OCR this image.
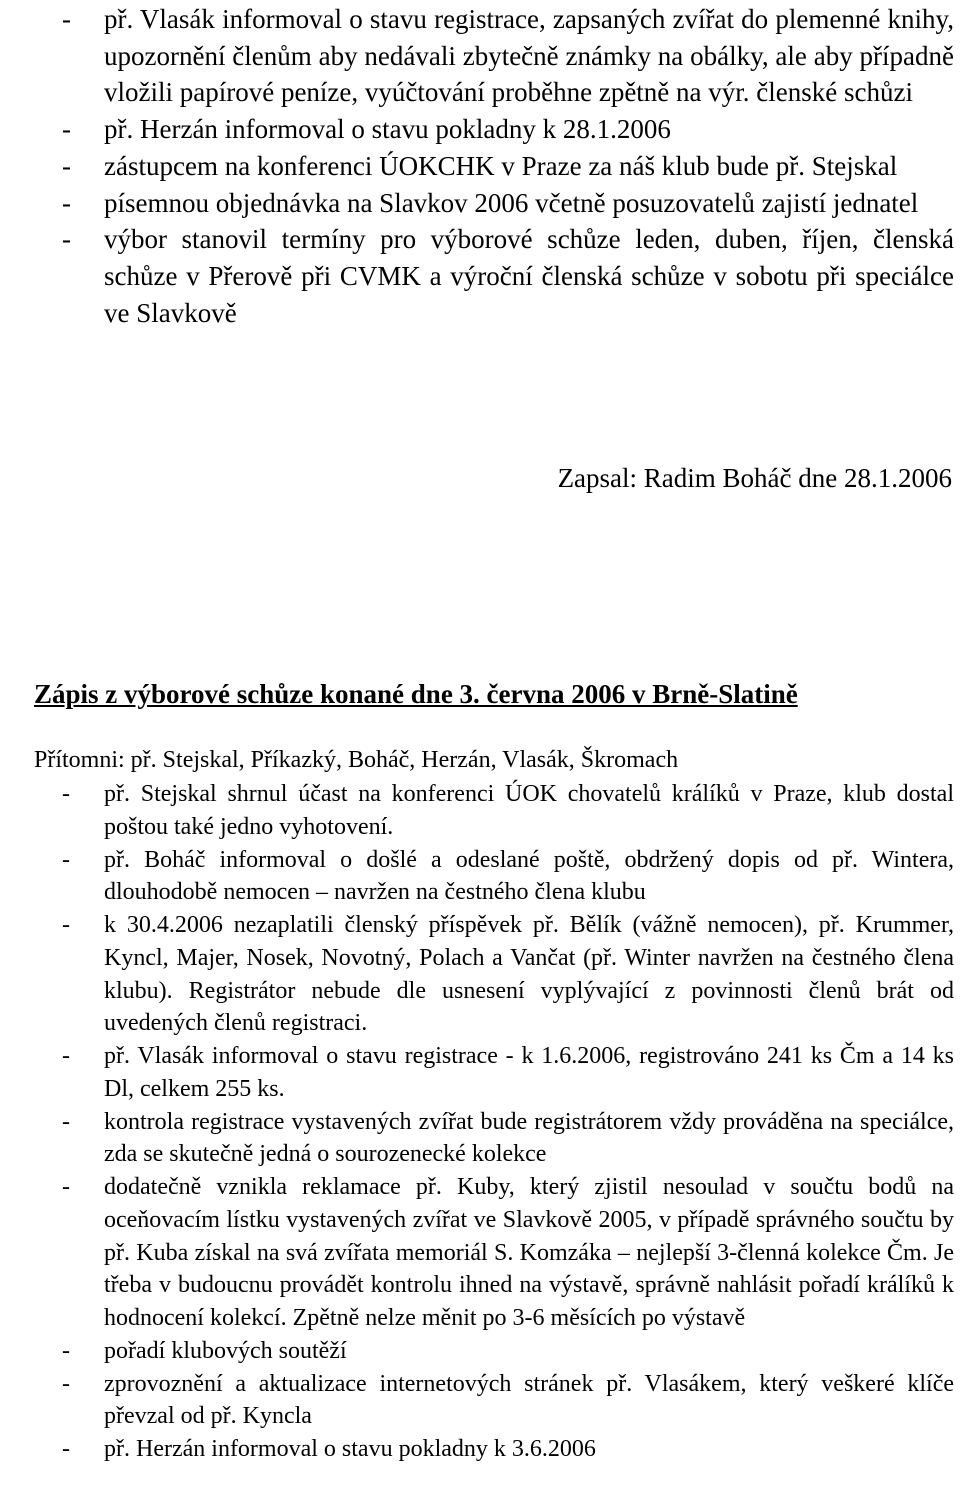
- př. Vlasák informoval o stavu registrace, zapsaných zvířat do plemenné knihy, upozornění členům aby nedávali zbytečně známky na obálky, ale aby případně vložili papírové peníze, vyúčtování proběhne zpětně na výr. členské schůzi
- př. Herzán informoval o stavu pokladny k 28.1.2006
- zástupcem na konferenci ÚOKCHK v Praze za náš klub bude př. Stejskal
- písemnou objednávka na Slavkov 2006 včetně posuzovatelů zajistí jednatel
- výbor stanovil termíny pro výborové schůze leden, duben, říjen, členská schůze v Přerově při CVMK a výroční členská schůze v sobotu při speciálce ve Slavkově
Zapsal: Radim Boháč dne 28.1.2006
Zápis z výborové schůze konané dne 3. června 2006 v Brně-Slatině
Přítomni: př. Stejskal, Příkazký, Boháč, Herzán, Vlasák, Škromach
- př. Stejskal shrnul účast na konferenci ÚOK chovatelů králíků v Praze, klub dostal poštou také jedno vyhotovení.
- př. Boháč informoval o došlé a odeslané poště, obdržený dopis od př. Wintera, dlouhodobě nemocen – navržen na čestného člena klubu
- k 30.4.2006 nezaplatili členský příspěvek př. Bělík (vážně nemocen), př. Krummer, Kyncl, Majer, Nosek, Novotný, Polach a Vančat (př. Winter navržen na čestného člena klubu). Registrátor nebude dle usnesení vyplývající z povinnosti členů brát od uvedených členů registraci.
- př. Vlasák informoval o stavu registrace - k 1.6.2006, registrováno 241 ks Čm a 14 ks Dl, celkem 255 ks.
- kontrola registrace vystavených zvířat bude registrátorem vždy prováděna na speciálce, zda se skutečně jedná o sourozenecké kolekce
- dodatečně vznikla reklamace př. Kuby, který zjistil nesoulad v součtu bodů na oceňovacím lístku vystavených zvířat ve Slavkově 2005, v případě správného součtu by př. Kuba získal na svá zvířata memoriál S. Komzáka – nejlepší 3-členná kolekce Čm. Je třeba v budoucnu provádět kontrolu ihned na výstavě, správně nahlásit pořadí králíků k hodnocení kolekcí. Zpětně nelze měnit po 3-6 měsících po výstavě
- pořadí klubových soutěží
- zprovoznění a aktualizace internetových stránek př. Vlasákem, který veškeré klíče převzal od př. Kyncla
- př. Herzán informoval o stavu pokladny k 3.6.2006
